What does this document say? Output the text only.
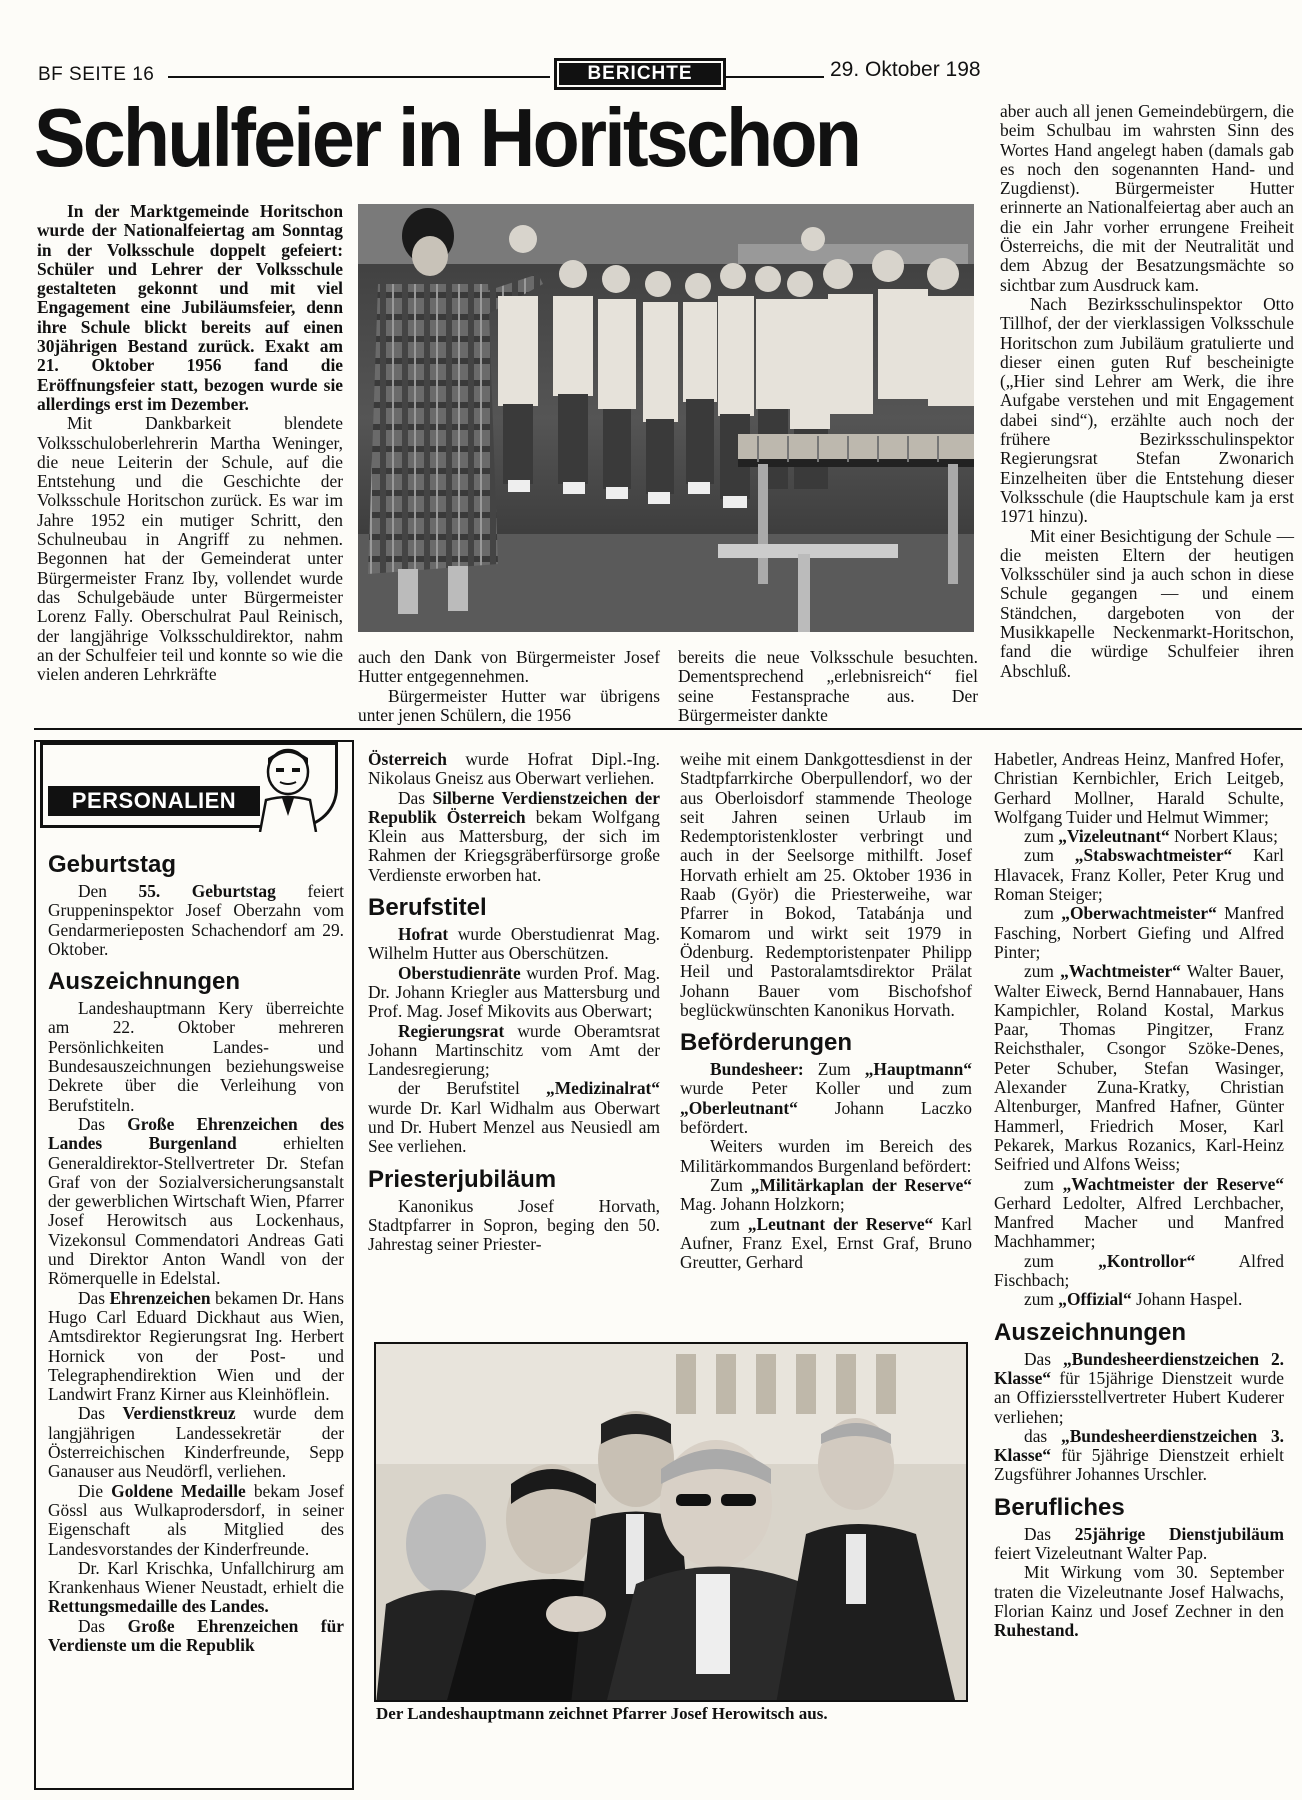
BF SEITE 16	BERICHTE	29. Oktober 198
Schulfeier in Horitschon

In der Marktgemeinde Horitschon wurde der Nationalfeiertag am Sonntag in der Volksschule doppelt gefeiert: Schüler und Lehrer der Volksschule gestalteten gekonnt und mit viel Engagement eine Jubiläumsfeier, denn ihre Schule blickt bereits auf einen 30jährigen Bestand zurück. Exakt am 21. Oktober 1956 fand die Eröffnungsfeier statt, bezogen wurde sie allerdings erst im Dezember.

Mit Dankbarkeit blendete Volksschuloberlehrerin Martha Weninger, die neue Leiterin der Schule, auf die Entstehung und die Geschichte der Volksschule Horitschon zurück. Es war im Jahre 1952 ein mutiger Schritt, den Schulneubau in Angriff zu nehmen. Begonnen hat der Gemeinderat unter Bürgermeister Franz Iby, vollendet wurde das Schulgebäude unter Bürgermeister Lorenz Fally. Oberschulrat Paul Reinisch, der langjährige Volksschuldirektor, nahm an der Schulfeier teil und konnte so wie die vielen anderen Lehrkräfte

auch den Dank von Bürgermeister Josef Hutter entgegennehmen.

Bürgermeister Hutter war übrigens unter jenen Schülern, die 1956

bereits die neue Volksschule besuchten. Dementsprechend „erlebnisreich“ fiel seine Festansprache aus. Der Bürgermeister dankte

aber auch all jenen Gemeindebürgern, die beim Schulbau im wahrsten Sinn des Wortes Hand angelegt haben (damals gab es noch den sogenannten Hand- und Zugdienst). Bürgermeister Hutter erinnerte an Nationalfeiertag aber auch an die ein Jahr vorher errungene Freiheit Österreichs, die mit der Neutralität und dem Abzug der Besatzungsmächte so sichtbar zum Ausdruck kam.

Nach Bezirksschulinspektor Otto Tillhof, der der vierklassigen Volksschule Horitschon zum Jubiläum gratulierte und dieser einen guten Ruf bescheinigte („Hier sind Lehrer am Werk, die ihre Aufgabe verstehen und mit Engagement dabei sind“), erzählte auch noch der frühere Bezirksschulinspektor Regierungsrat Stefan Zwonarich Einzelheiten über die Entstehung dieser Volksschule (die Hauptschule kam ja erst 1971 hinzu).

Mit einer Besichtigung der Schule — die meisten Eltern der heutigen Volksschüler sind ja auch schon in diese Schule gegangen — und einem Ständchen, dargeboten von der Musikkapelle Neckenmarkt-Horitschon, fand die würdige Schulfeier ihren Abschluß.

PERSONALIEN
Geburtstag

Den 55. Geburtstag feiert Gruppeninspektor Josef Oberzahn vom Gendarmerieposten Schachendorf am 29. Oktober.

Auszeichnungen

Landeshauptmann Kery überreichte am 22. Oktober mehreren Persönlichkeiten Landes- und Bundesauszeichnungen beziehungsweise Dekrete über die Verleihung von Berufstiteln.

Das Große Ehrenzeichen des Landes Burgenland erhielten Generaldirektor-Stellvertreter Dr. Stefan Graf von der Sozialversicherungsanstalt der gewerblichen Wirtschaft Wien, Pfarrer Josef Herowitsch aus Lockenhaus, Vizekonsul Commendatori Andreas Gati und Direktor Anton Wandl von der Römerquelle in Edelstal.

Das Ehrenzeichen bekamen Dr. Hans Hugo Carl Eduard Dickhaut aus Wien, Amtsdirektor Regierungsrat Ing. Herbert Hornick von der Post- und Telegraphendirektion Wien und der Landwirt Franz Kirner aus Kleinhöflein.

Das Verdienstkreuz wurde dem langjährigen Landessekretär der Österreichischen Kinderfreunde, Sepp Ganauser aus Neudörfl, verliehen.

Die Goldene Medaille bekam Josef Gössl aus Wulkaprodersdorf, in seiner Eigenschaft als Mitglied des Landesvorstandes der Kinderfreunde.

Dr. Karl Krischka, Unfallchirurg am Krankenhaus Wiener Neustadt, erhielt die Rettungsmedaille des Landes.

Das Große Ehrenzeichen für Verdienste um die Republik

Österreich wurde Hofrat Dipl.-Ing. Nikolaus Gneisz aus Oberwart verliehen.

Das Silberne Verdienstzeichen der Republik Österreich bekam Wolfgang Klein aus Mattersburg, der sich im Rahmen der Kriegsgräberfürsorge große Verdienste erworben hat.

Berufstitel

Hofrat wurde Oberstudienrat Mag. Wilhelm Hutter aus Oberschützen.

Oberstudienräte wurden Prof. Mag. Dr. Johann Kriegler aus Mattersburg und Prof. Mag. Josef Mikovits aus Oberwart;

Regierungsrat wurde Oberamtsrat Johann Martinschitz vom Amt der Landesregierung;

der Berufstitel „Medizinalrat“ wurde Dr. Karl Widhalm aus Oberwart und Dr. Hubert Menzel aus Neusiedl am See verliehen.

Priesterjubiläum

Kanonikus Josef Horvath, Stadtpfarrer in Sopron, beging den 50. Jahrestag seiner Priester-

weihe mit einem Dankgottesdienst in der Stadtpfarrkirche Oberpullendorf, wo der aus Oberloisdorf stammende Theologe seit Jahren seinen Urlaub im Redemptoristenkloster verbringt und auch in der Seelsorge mithilft. Josef Horvath erhielt am 25. Oktober 1936 in Raab (Györ) die Priesterweihe, war Pfarrer in Bokod, Tatabánja und Komarom und wirkt seit 1979 in Ödenburg. Redemptoristenpater Philipp Heil und Pastoralamtsdirektor Prälat Johann Bauer vom Bischofshof beglückwünschten Kanonikus Horvath.

Beförderungen

Bundesheer: Zum „Hauptmann“ wurde Peter Koller und zum „Oberleutnant“ Johann Laczko befördert.

Weiters wurden im Bereich des Militärkommandos Burgenland befördert:

Zum „Militärkaplan der Reserve“ Mag. Johann Holzkorn;

zum „Leutnant der Reserve“ Karl Aufner, Franz Exel, Ernst Graf, Bruno Greutter, Gerhard

Habetler, Andreas Heinz, Manfred Hofer, Christian Kernbichler, Erich Leitgeb, Gerhard Mollner, Harald Schulte, Wolfgang Tuider und Helmut Wimmer;

zum „Vizeleutnant“ Norbert Klaus;

zum „Stabswachtmeister“ Karl Hlavacek, Franz Koller, Peter Krug und Roman Steiger;

zum „Oberwachtmeister“ Manfred Fasching, Norbert Giefing und Alfred Pinter;

zum „Wachtmeister“ Walter Bauer, Walter Eiweck, Bernd Hannabauer, Hans Kampichler, Roland Kostal, Markus Paar, Thomas Pingitzer, Franz Reichsthaler, Csongor Szöke-Denes, Peter Schuber, Stefan Wasinger, Alexander Zuna-Kratky, Christian Altenburger, Manfred Hafner, Günter Hammerl, Friedrich Moser, Karl Pekarek, Markus Rozanics, Karl-Heinz Seifried und Alfons Weiss;

zum „Wachtmeister der Reserve“ Gerhard Ledolter, Alfred Lerchbacher, Manfred Macher und Manfred Machhammer;

zum „Kontrollor“ Alfred Fischbach;

zum „Offizial“ Johann Haspel.

Auszeichnungen

Das „Bundesheerdienstzeichen 2. Klasse“ für 15jährige Dienstzeit wurde an Offiziersstellvertreter Hubert Kuderer verliehen;

das „Bundesheerdienstzeichen 3. Klasse“ für 5jährige Dienstzeit erhielt Zugsführer Johannes Urschler.

Berufliches

Das 25jährige Dienstjubiläum feiert Vizeleutnant Walter Pap.

Mit Wirkung vom 30. September traten die Vizeleutnante Josef Halwachs, Florian Kainz und Josef Zechner in den Ruhestand.

Der Landeshauptmann zeichnet Pfarrer Josef Herowitsch aus.
